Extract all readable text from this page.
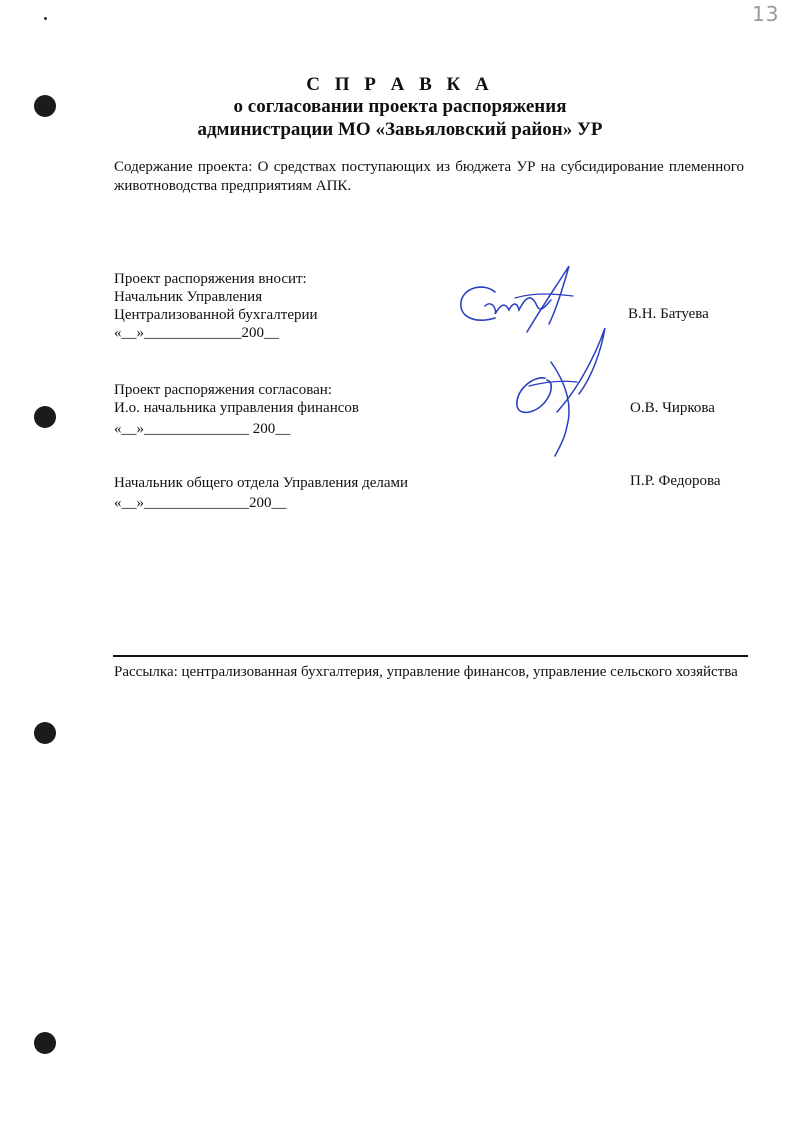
13
С П Р А В К А
о согласовании проекта распоряжения
администрации МО «Завьяловский район» УР
Содержание проекта: О средствах поступающих из бюджета УР на субсидирование племенного животноводства предприятиям АПК.
Проект распоряжения вносит:
Начальник Управления
Централизованной бухгалтерии
«__»_____________200__
В.Н. Батуева
Проект распоряжения согласован:
И.о. начальника управления финансов
«__»______________ 200__
О.В. Чиркова
Начальник общего отдела Управления делами
«__»______________200__
П.Р. Федорова
Рассылка: централизованная бухгалтерия, управление финансов, управление сельского хозяйства
